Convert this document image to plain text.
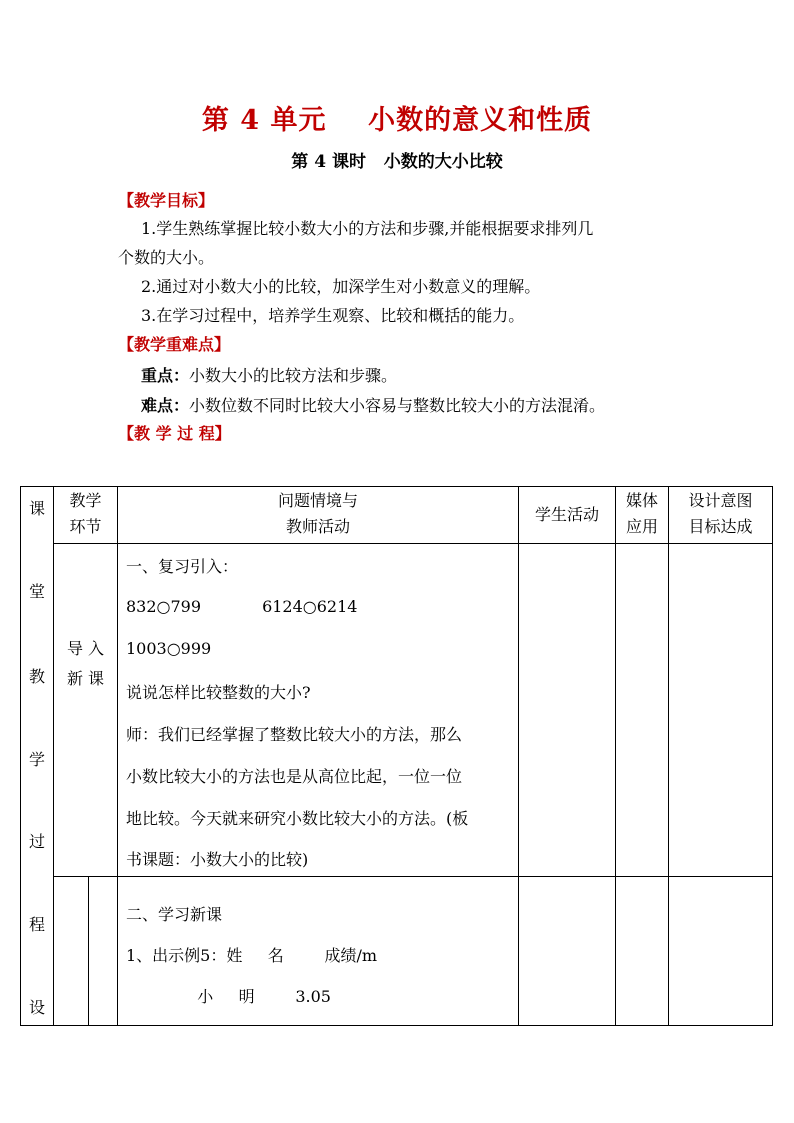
第 4 单元    小数的意义和性质
第 4 课时   小数的大小比较
【教学目标】
1.学生熟练掌握比较小数大小的方法和步骤,并能根据要求排列几
个数的大小。
2.通过对小数大小的比较，加深学生对小数意义的理解。
3.在学习过程中，培养学生观察、比较和概括的能力。
【教学重难点】
重点：小数大小的比较方法和步骤。
难点：小数位数不同时比较大小容易与整数比较大小的方法混淆。
【教 学 过 程】
课	教学
环节
问题情境与
教师活动
学生活动
媒体
应用
设计意图
目标达成
堂
教
学
过
程
设
导 入
新 课
一、复习引入：
832○799            6124○6214
1003○999
说说怎样比较整数的大小?
师：我们已经掌握了整数比较大小的方法，那么
小数比较大小的方法也是从高位比起，一位一位
地比较。今天就来研究小数比较大小的方法。(板
书课题：小数大小的比较)
二、学习新课
1、出示例5：姓     名        成绩/m
小     明        3.05
